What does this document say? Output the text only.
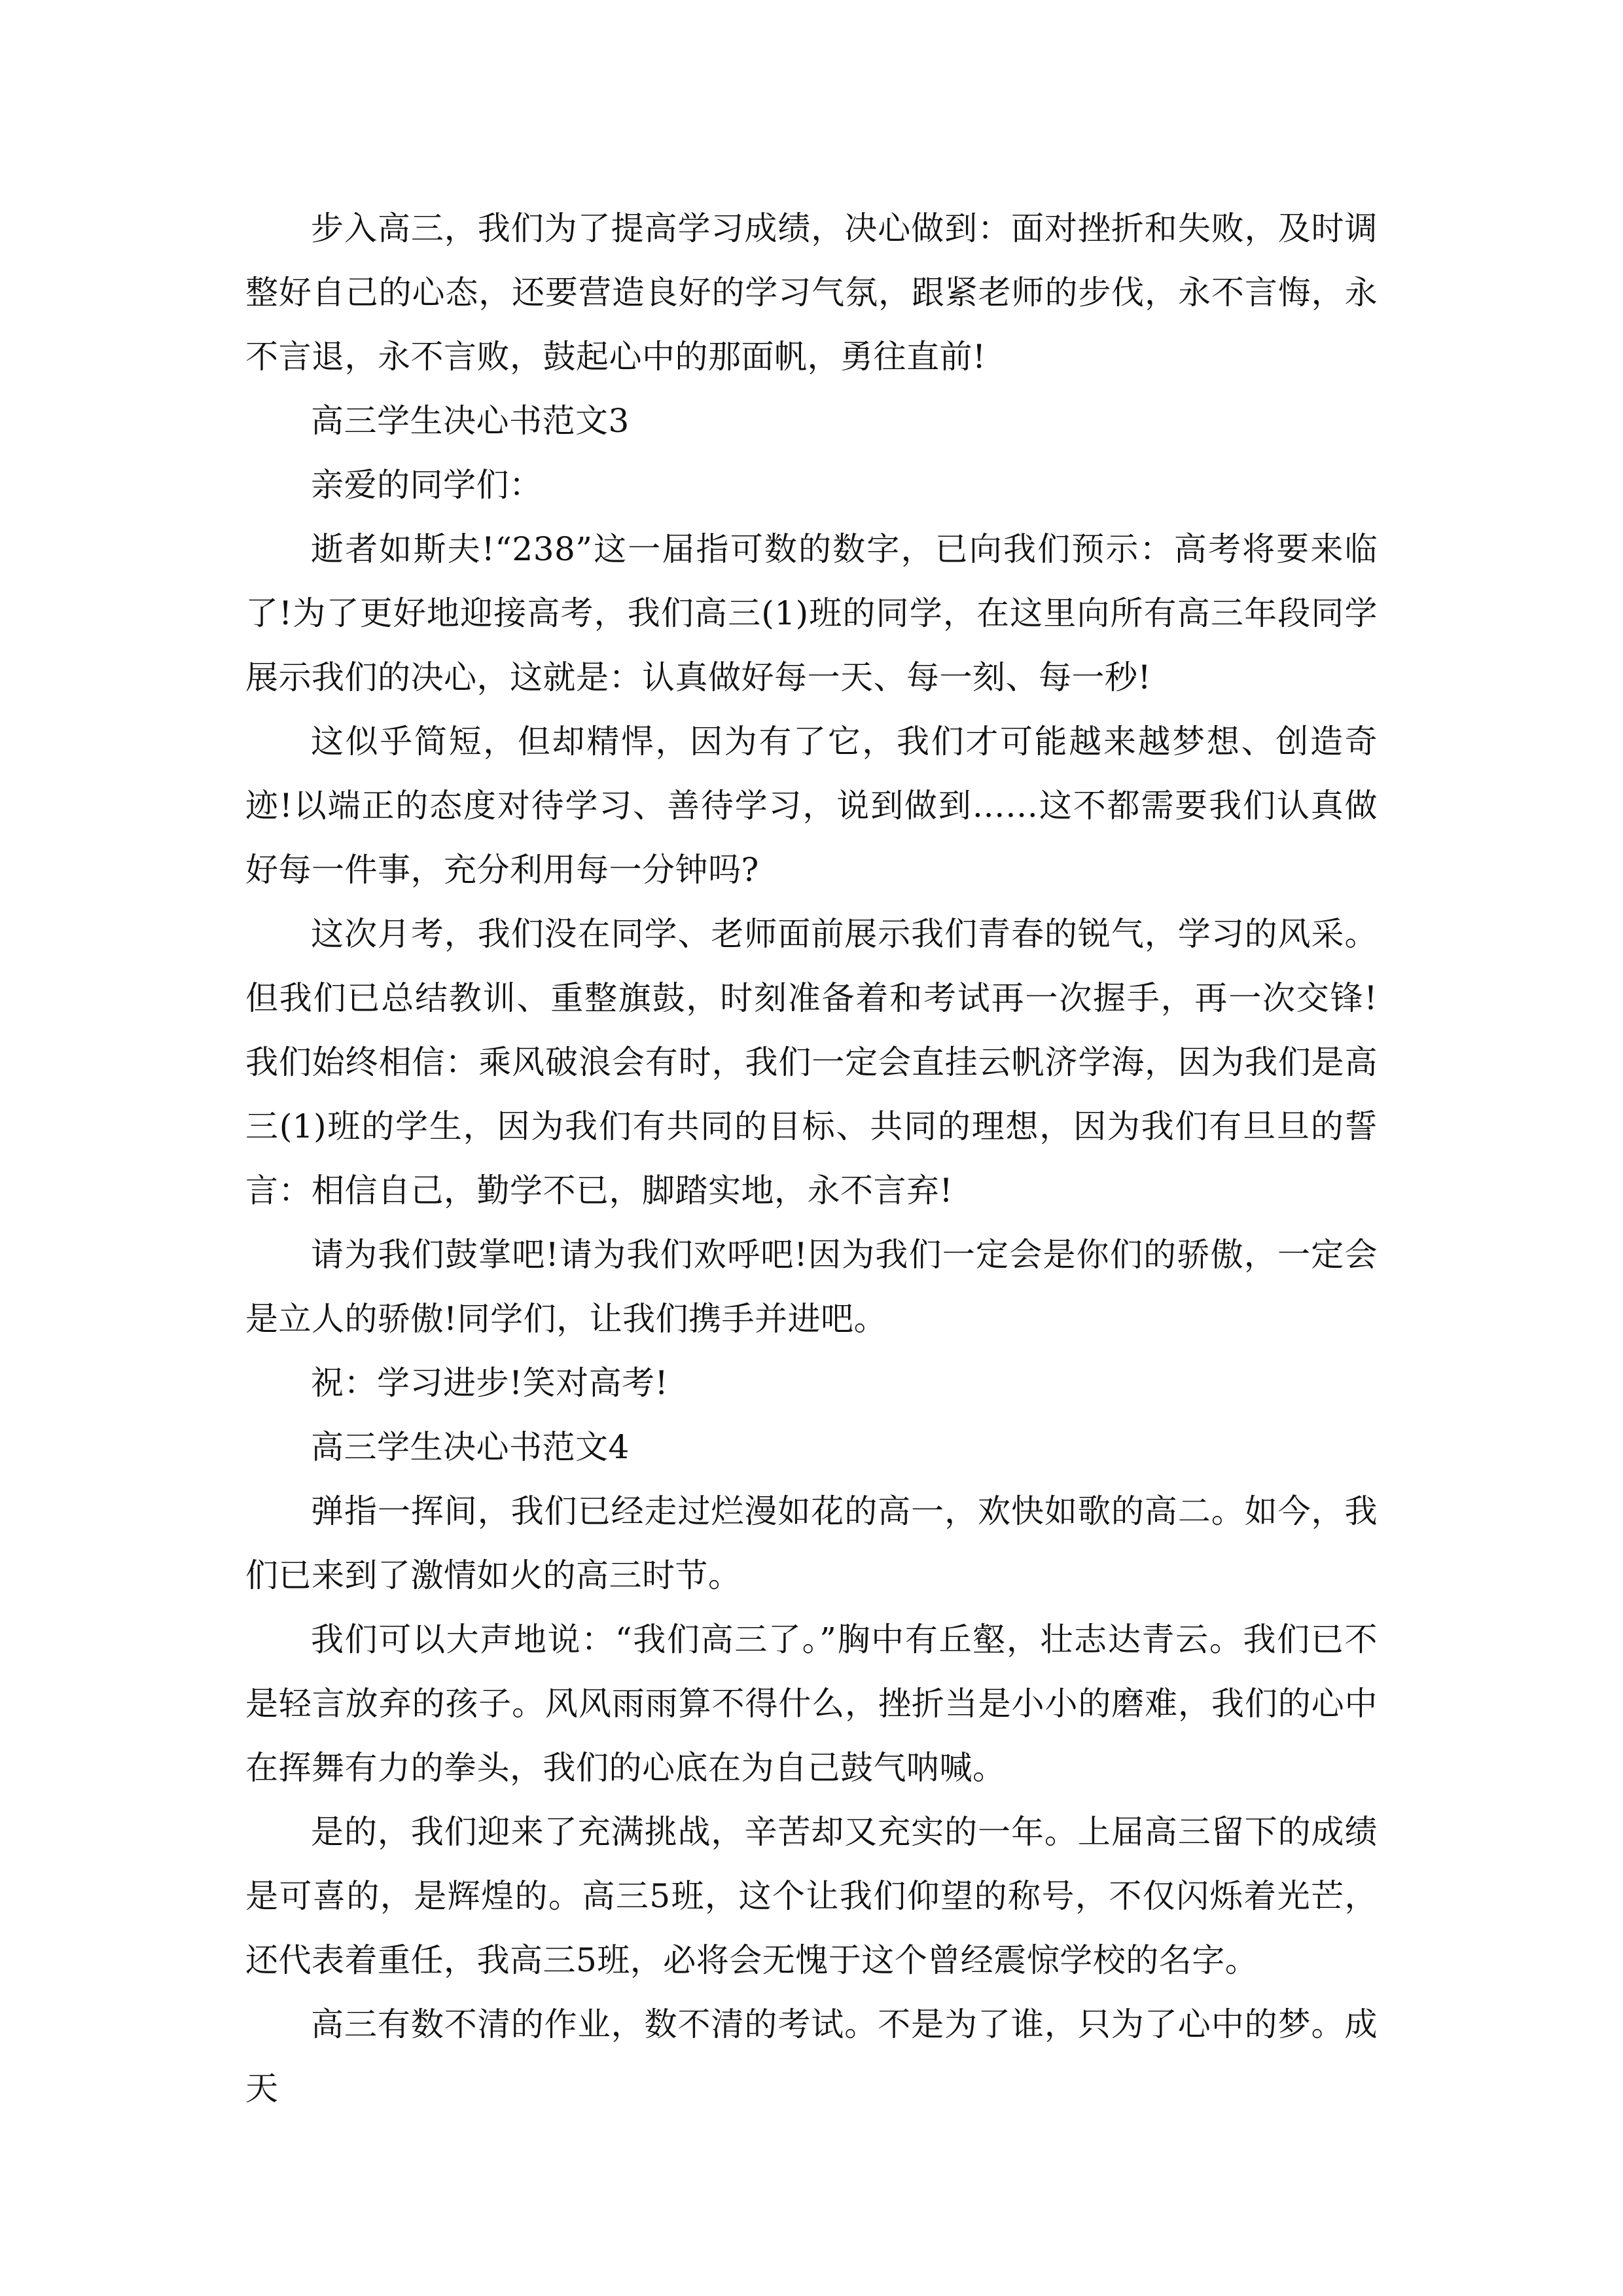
步入高三，我们为了提高学习成绩，决心做到：面对挫折和失败，及时调整好自己的心态，还要营造良好的学习气氛，跟紧老师的步伐，永不言悔，永不言退，永不言败，鼓起心中的那面帆，勇往直前!

高三学生决心书范文3

亲爱的同学们：

逝者如斯夫!“238”这一届指可数的数字，已向我们预示：高考将要来临了!为了更好地迎接高考，我们高三(1)班的同学，在这里向所有高三年段同学展示我们的决心，这就是：认真做好每一天、每一刻、每一秒!

这似乎简短，但却精悍，因为有了它，我们才可能越来越梦想、创造奇迹!以端正的态度对待学习、善待学习，说到做到……这不都需要我们认真做好每一件事，充分利用每一分钟吗?

这次月考，我们没在同学、老师面前展示我们青春的锐气，学习的风采。但我们已总结教训、重整旗鼓，时刻准备着和考试再一次握手，再一次交锋!我们始终相信：乘风破浪会有时，我们一定会直挂云帆济学海，因为我们是高三(1)班的学生，因为我们有共同的目标、共同的理想，因为我们有旦旦的誓言：相信自己，勤学不已，脚踏实地，永不言弃!

请为我们鼓掌吧!请为我们欢呼吧!因为我们一定会是你们的骄傲，一定会是立人的骄傲!同学们，让我们携手并进吧。

祝：学习进步!笑对高考!

高三学生决心书范文4

弹指一挥间，我们已经走过烂漫如花的高一，欢快如歌的高二。如今，我们已来到了激情如火的高三时节。

我们可以大声地说：“我们高三了。”胸中有丘壑，壮志达青云。我们已不是轻言放弃的孩子。风风雨雨算不得什么，挫折当是小小的磨难，我们的心中在挥舞有力的拳头，我们的心底在为自己鼓气呐喊。

是的，我们迎来了充满挑战，辛苦却又充实的一年。上届高三留下的成绩是可喜的，是辉煌的。高三5班，这个让我们仰望的称号，不仅闪烁着光芒，还代表着重任，我高三5班，必将会无愧于这个曾经震惊学校的名字。

高三有数不清的作业，数不清的考试。不是为了谁，只为了心中的梦。成天
